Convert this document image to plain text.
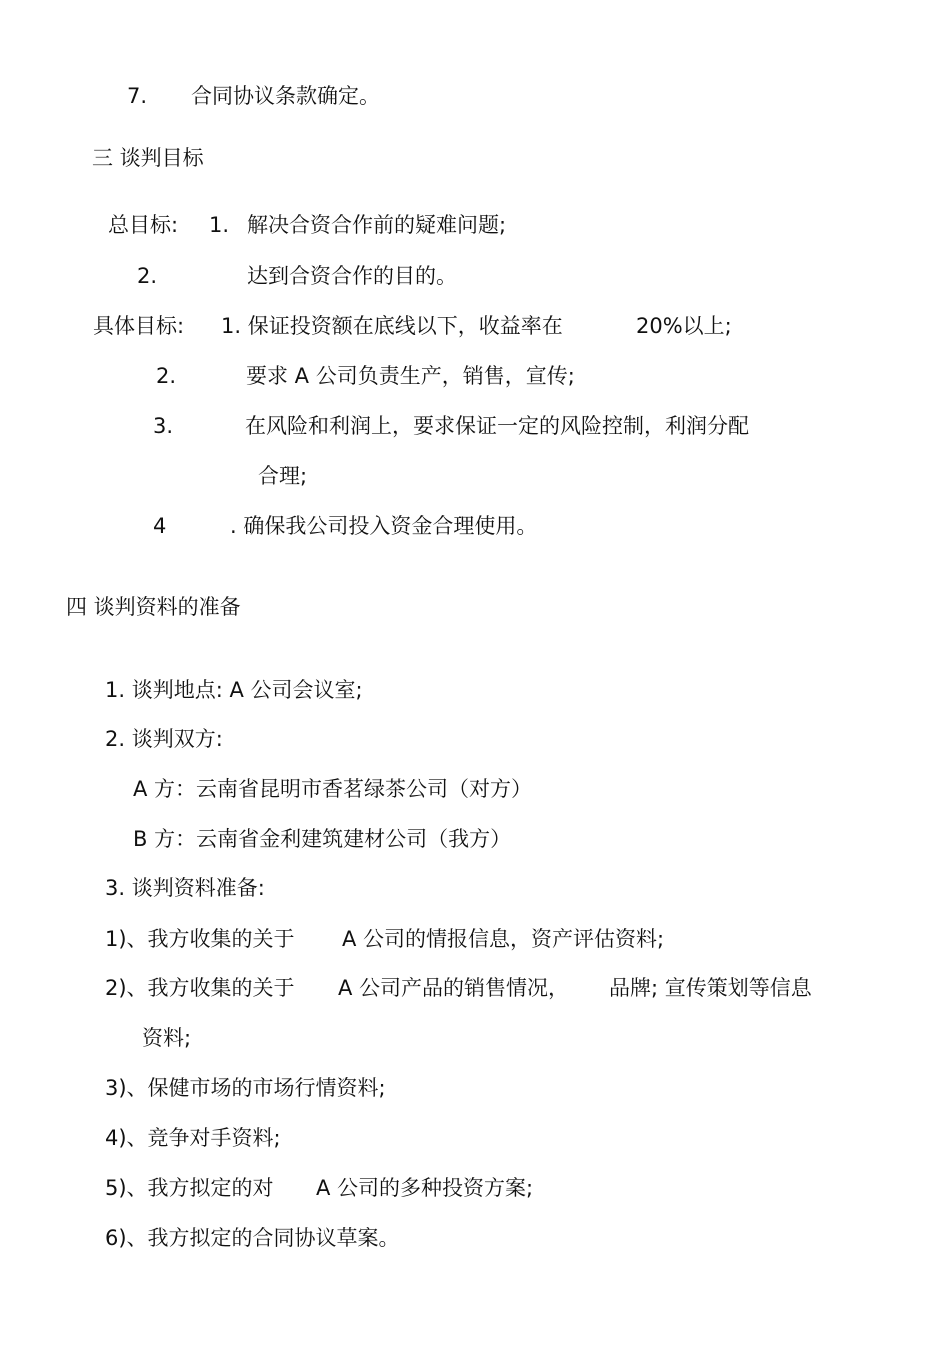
7. 合同协议条款确定。
三 谈判目标
总目标: 1. 解决合资合作前的疑难问题;
2.	达到合资合作的目的。
具体目标: 1. 保证投资额在底线以下，收益率在	20%以上;
2.	要求 A 公司负责生产，销售，宣传;
3.	在风险和利润上，要求保证一定的风险控制，利润分配
合理;
4	. 确保我公司投入资金合理使用。
四 谈判资料的准备
1. 谈判地点: A 公司会议室;
2. 谈判双方:
A 方：云南省昆明市香茗绿茶公司（对方）
B 方：云南省金利建筑建材公司（我方）
3. 谈判资料准备:
1)、我方收集的关于 A 公司的情报信息，资产评估资料;
2)、我方收集的关于 A 公司产品的销售情况， 品牌; 宣传策划等信息
资料;
3)、保健市场的市场行情资料;
4)、竞争对手资料;
5)、我方拟定的对 A 公司的多种投资方案;
6)、我方拟定的合同协议草案。
